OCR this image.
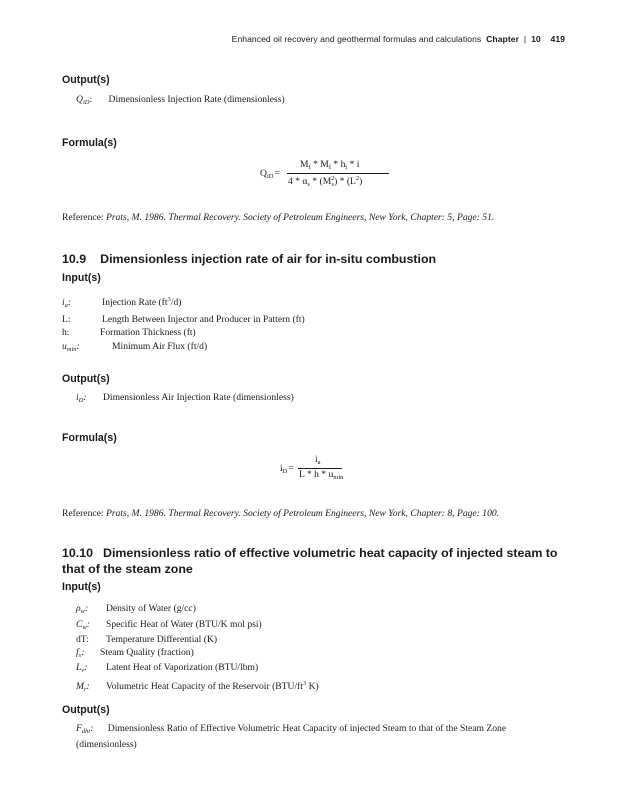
Enhanced oil recovery and geothermal formulas and calculations Chapter | 10 419
Output(s)
$Q_{iD}$: Dimensionless Injection Rate (dimensionless)
Formula(s)
$Q_{iD}=$
$M_f * M_f * h_t$ * i
$4 * \alpha_s * (M^2_s) * (L^2)$
Reference: Prats, M. 1986. Thermal Recovery. Society of Petroleum Engineers, New York, Chapter: 5, Page: 51.
10.9 Dimensionless injection rate of air for in-situ combustion
Input(s)
$i_a$:	Injection Rate $(ft^3/d)$
L:	Length Between Injector and Producer in Pattern (ft)
h:	Formation Thickness (ft)
$u_{min}$:	Minimum Air Flux (ft/d)
Output(s)
$i_D$: Dimensionless Air Injection Rate (dimensionless)
Formula(s)
$i_D=$
$i_a$
L * h * $u_{min}$
Reference: Prats, M. 1986. Thermal Recovery. Society of Petroleum Engineers, New York, Chapter: 8, Page: 100.
10.10 Dimensionless ratio of effective volumetric heat capacity of injected steam to
that of the steam zone
Input(s)
$\rho_w$: Density of Water (g/cc)
$C_w$: Specific Heat of Water (BTU/K mol psi)
dT: Temperature Differential (K)
$f_s$: Steam Quality (fraction)
$L_v$: Latent Heat of Vaporization (BTU/lbm)
$M_r$: Volumetric Heat Capacity of the Reservoir ($BTU/ft^3$ K)
Output(s)
$F_{dht}$: Dimensionless Ratio of Effective Volumetric Heat Capacity of injected Steam to that of the Steam Zone
(dimensionless)
